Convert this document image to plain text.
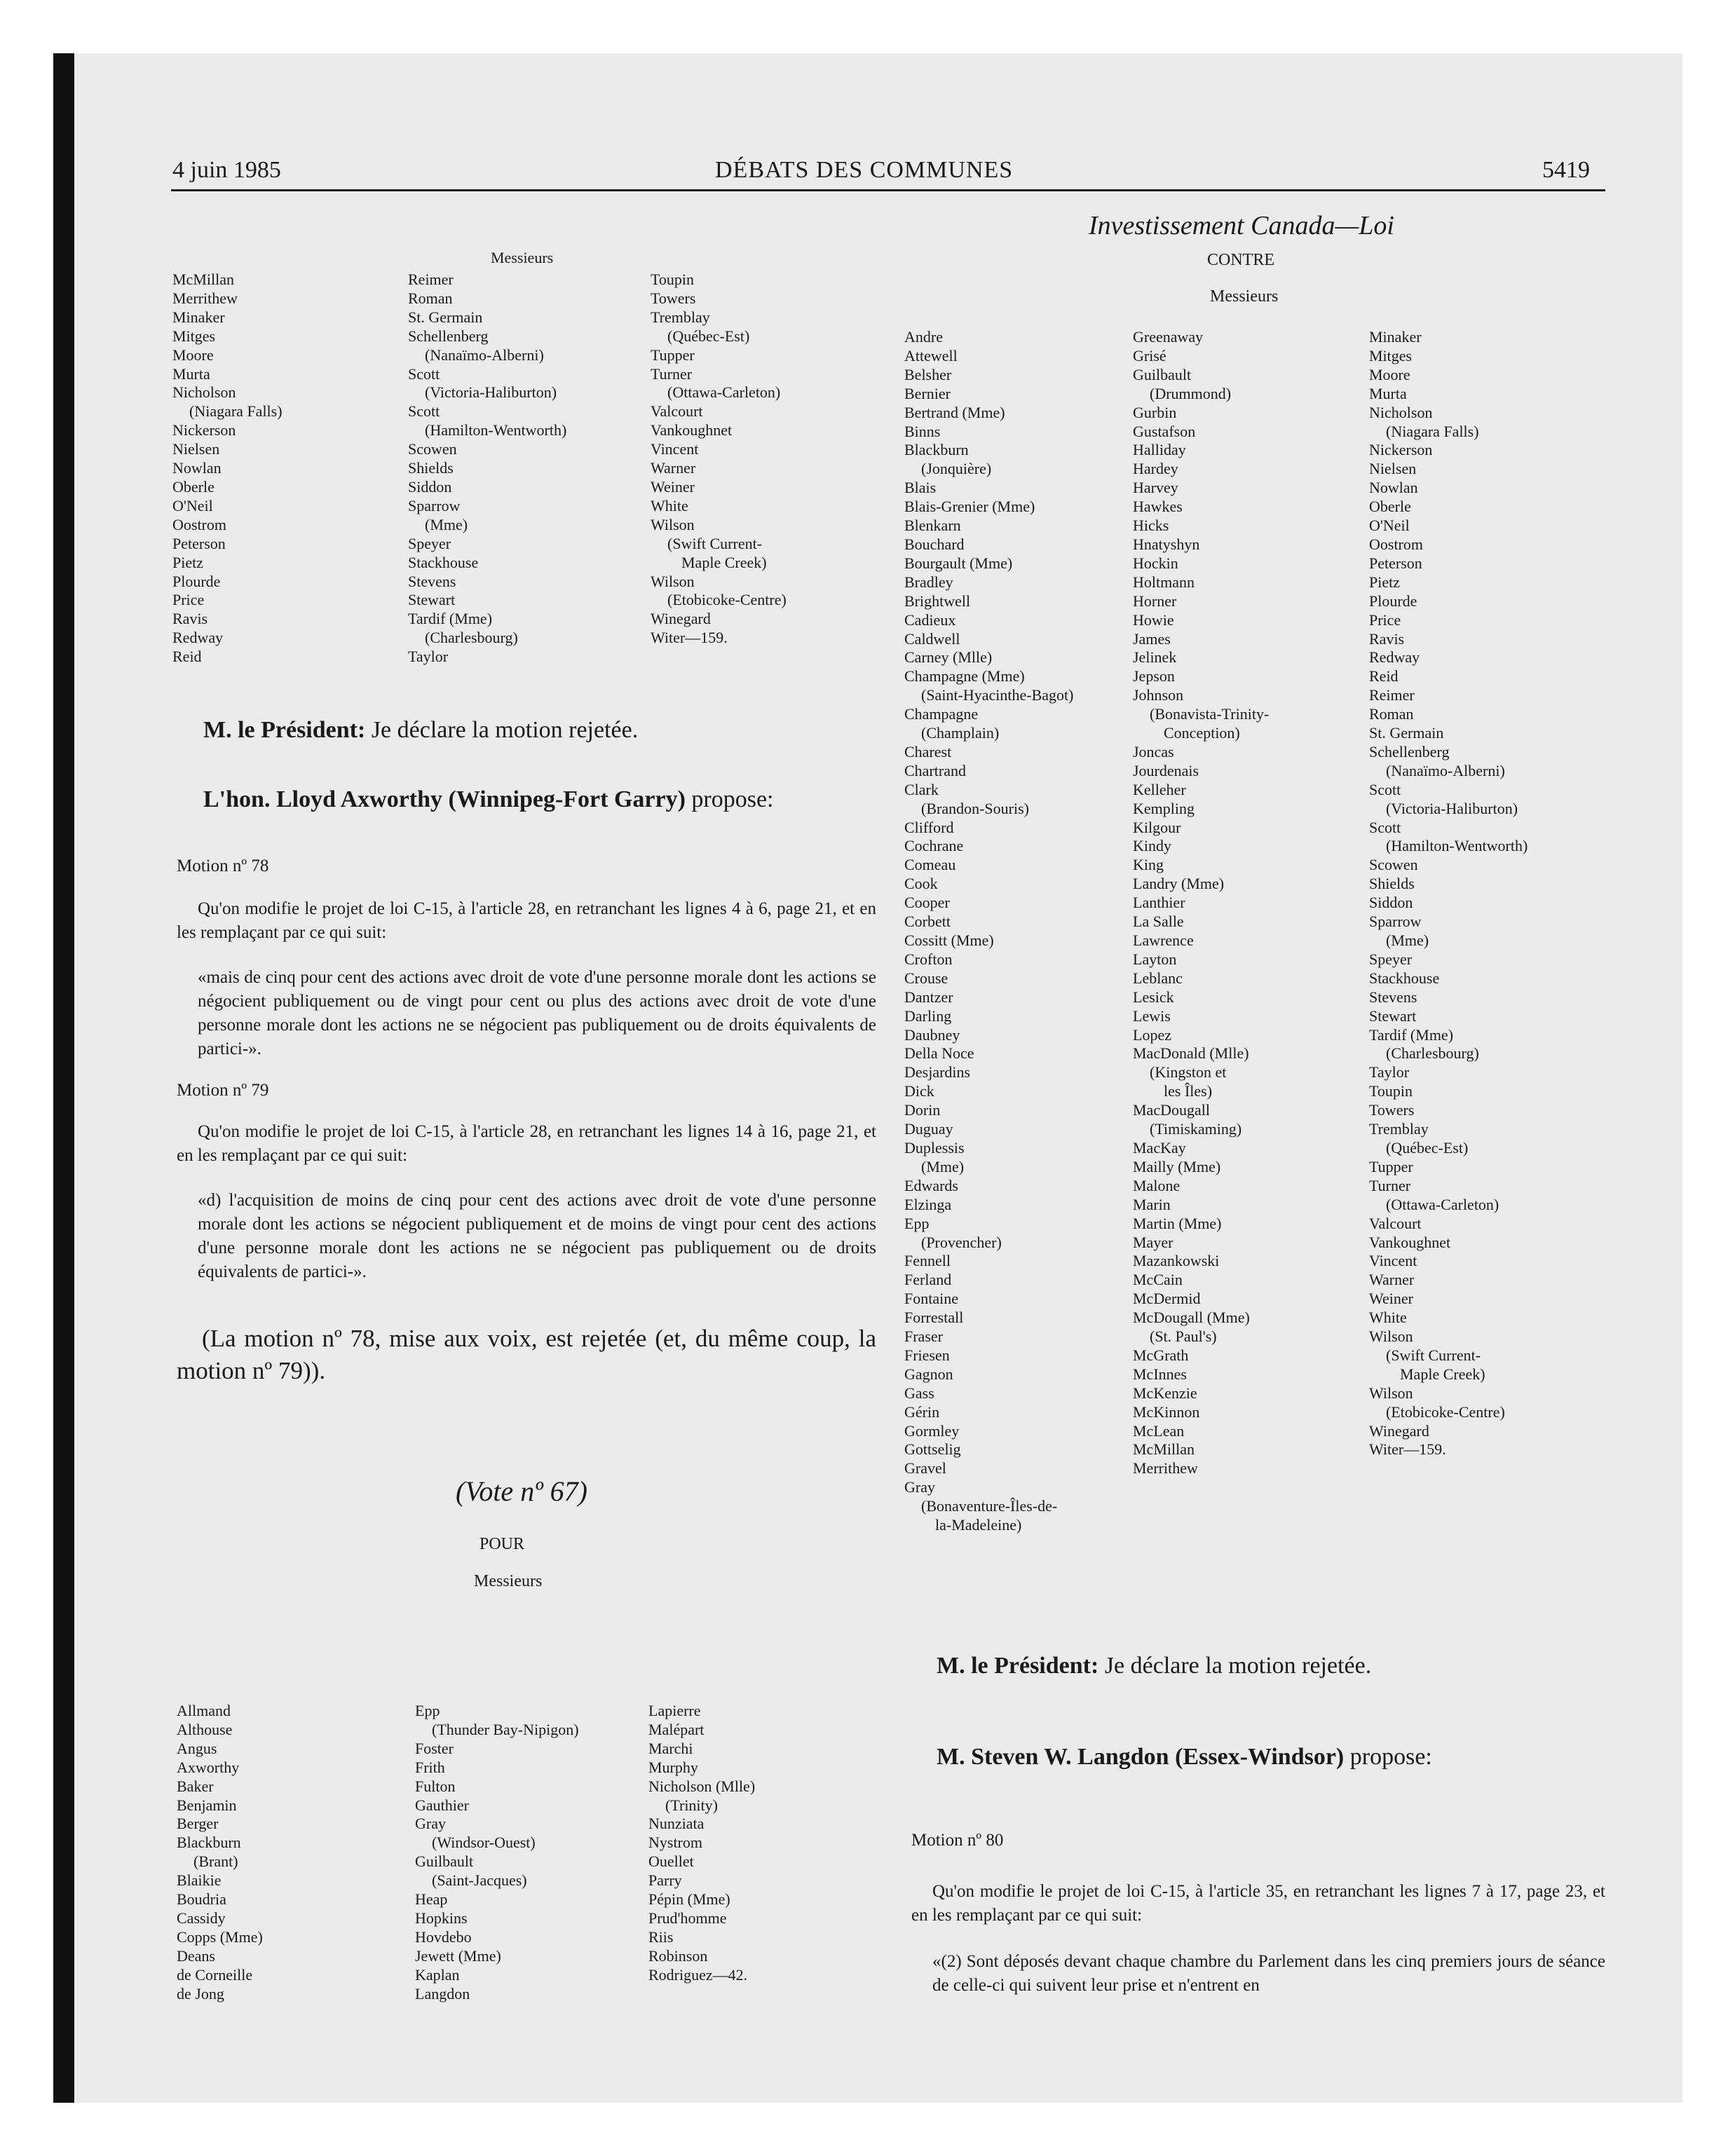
4 juin 1985	DÉBATS DES COMMUNES	5419
Investissement Canada—Loi
Messieurs
McMillan
Merrithew
Minaker
Mitges
Moore
Murta
Nicholson
(Niagara Falls)
Nickerson
Nielsen
Nowlan
Oberle
O'Neil
Oostrom
Peterson
Pietz
Plourde
Price
Ravis
Redway
Reid
Reimer
Roman
St. Germain
Schellenberg
(Nanaïmo-Alberni)
Scott
(Victoria-Haliburton)
Scott
(Hamilton-Wentworth)
Scowen
Shields
Siddon
Sparrow
(Mme)
Speyer
Stackhouse
Stevens
Stewart
Tardif (Mme)
(Charlesbourg)
Taylor
Toupin
Towers
Tremblay
(Québec-Est)
Tupper
Turner
(Ottawa-Carleton)
Valcourt
Vankoughnet
Vincent
Warner
Weiner
White
Wilson
(Swift Current-
Maple Creek)
Wilson
(Etobicoke-Centre)
Winegard
Witer—159.
M. le Président: Je déclare la motion rejetée.
L'hon. Lloyd Axworthy (Winnipeg-Fort Garry) propose:
Motion nº 78
Qu'on modifie le projet de loi C-15, à l'article 28, en retranchant les lignes 4 à 6, page 21, et en les remplaçant par ce qui suit:
«mais de cinq pour cent des actions avec droit de vote d'une personne morale dont les actions se négocient publiquement ou de vingt pour cent ou plus des actions avec droit de vote d'une personne morale dont les actions ne se négocient pas publiquement ou de droits équivalents de partici-».
Motion nº 79
Qu'on modifie le projet de loi C-15, à l'article 28, en retranchant les lignes 14 à 16, page 21, et en les remplaçant par ce qui suit:
«d) l'acquisition de moins de cinq pour cent des actions avec droit de vote d'une personne morale dont les actions se négocient publiquement et de moins de vingt pour cent des actions d'une personne morale dont les actions ne se négocient pas publiquement ou de droits équivalents de partici-».
(La motion nº 78, mise aux voix, est rejetée (et, du même coup, la motion nº 79)).
(Vote nº 67)
POUR
Messieurs
Allmand
Althouse
Angus
Axworthy
Baker
Benjamin
Berger
Blackburn
(Brant)
Blaikie
Boudria
Cassidy
Copps (Mme)
Deans
de Corneille
de Jong
Epp
(Thunder Bay-Nipigon)
Foster
Frith
Fulton
Gauthier
Gray
(Windsor-Ouest)
Guilbault
(Saint-Jacques)
Heap
Hopkins
Hovdebo
Jewett (Mme)
Kaplan
Langdon
Lapierre
Malépart
Marchi
Murphy
Nicholson (Mlle)
(Trinity)
Nunziata
Nystrom
Ouellet
Parry
Pépin (Mme)
Prud'homme
Riis
Robinson
Rodriguez—42.
CONTRE
Messieurs
Andre
Attewell
Belsher
Bernier
Bertrand (Mme)
Binns
Blackburn
(Jonquière)
Blais
Blais-Grenier (Mme)
Blenkarn
Bouchard
Bourgault (Mme)
Bradley
Brightwell
Cadieux
Caldwell
Carney (Mlle)
Champagne (Mme)
(Saint-Hyacinthe-Bagot)
Champagne
(Champlain)
Charest
Chartrand
Clark
(Brandon-Souris)
Clifford
Cochrane
Comeau
Cook
Cooper
Corbett
Cossitt (Mme)
Crofton
Crouse
Dantzer
Darling
Daubney
Della Noce
Desjardins
Dick
Dorin
Duguay
Duplessis
(Mme)
Edwards
Elzinga
Epp
(Provencher)
Fennell
Ferland
Fontaine
Forrestall
Fraser
Friesen
Gagnon
Gass
Gérin
Gormley
Gottselig
Gravel
Gray
(Bonaventure-Îles-de-
la-Madeleine)
Greenaway
Grisé
Guilbault
(Drummond)
Gurbin
Gustafson
Halliday
Hardey
Harvey
Hawkes
Hicks
Hnatyshyn
Hockin
Holtmann
Horner
Howie
James
Jelinek
Jepson
Johnson
(Bonavista-Trinity-
Conception)
Joncas
Jourdenais
Kelleher
Kempling
Kilgour
Kindy
King
Landry (Mme)
Lanthier
La Salle
Lawrence
Layton
Leblanc
Lesick
Lewis
Lopez
MacDonald (Mlle)
(Kingston et
les Îles)
MacDougall
(Timiskaming)
MacKay
Mailly (Mme)
Malone
Marin
Martin (Mme)
Mayer
Mazankowski
McCain
McDermid
McDougall (Mme)
(St. Paul's)
McGrath
McInnes
McKenzie
McKinnon
McLean
McMillan
Merrithew
Minaker
Mitges
Moore
Murta
Nicholson
(Niagara Falls)
Nickerson
Nielsen
Nowlan
Oberle
O'Neil
Oostrom
Peterson
Pietz
Plourde
Price
Ravis
Redway
Reid
Reimer
Roman
St. Germain
Schellenberg
(Nanaïmo-Alberni)
Scott
(Victoria-Haliburton)
Scott
(Hamilton-Wentworth)
Scowen
Shields
Siddon
Sparrow
(Mme)
Speyer
Stackhouse
Stevens
Stewart
Tardif (Mme)
(Charlesbourg)
Taylor
Toupin
Towers
Tremblay
(Québec-Est)
Tupper
Turner
(Ottawa-Carleton)
Valcourt
Vankoughnet
Vincent
Warner
Weiner
White
Wilson
(Swift Current-
Maple Creek)
Wilson
(Etobicoke-Centre)
Winegard
Witer—159.
M. le Président: Je déclare la motion rejetée.
M. Steven W. Langdon (Essex-Windsor) propose:
Motion nº 80
Qu'on modifie le projet de loi C-15, à l'article 35, en retranchant les lignes 7 à 17, page 23, et en les remplaçant par ce qui suit:
«(2) Sont déposés devant chaque chambre du Parlement dans les cinq premiers jours de séance de celle-ci qui suivent leur prise et n'entrent en
